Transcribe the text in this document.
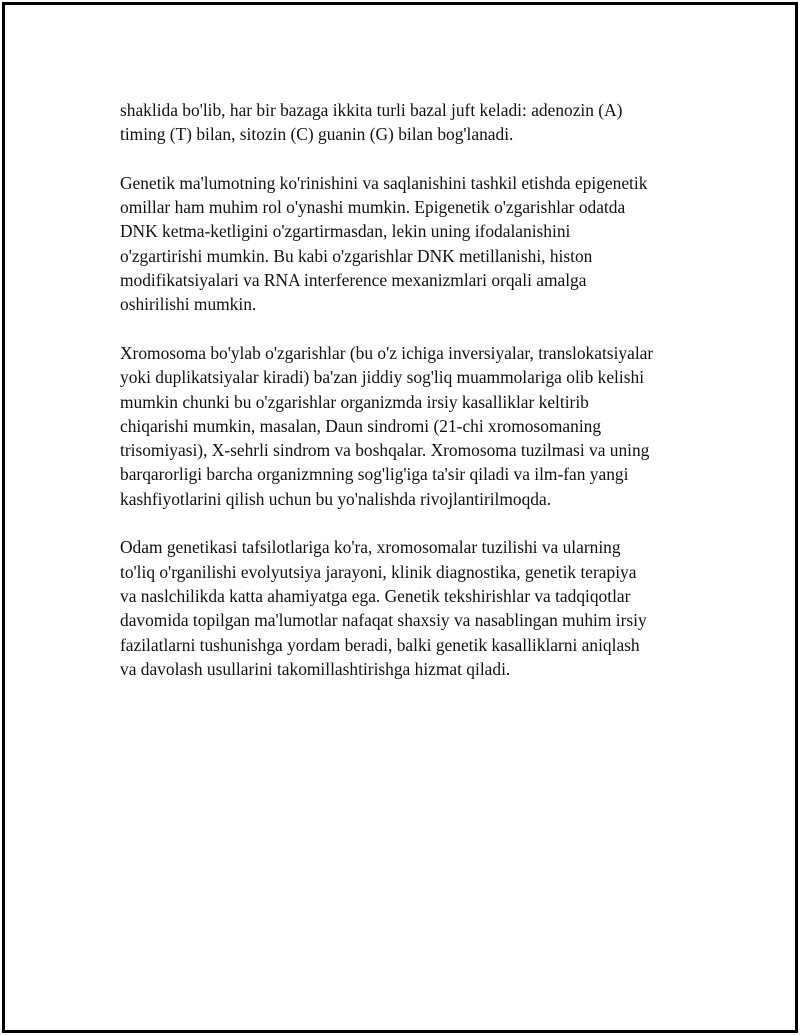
shaklida bo'lib, har bir bazaga ikkita turli bazal juft keladi: adenozin (A)
timing (T) bilan, sitozin (C) guanin (G) bilan bog'lanadi.

Genetik ma'lumotning ko'rinishini va saqlanishini tashkil etishda epigenetik
omillar ham muhim rol o'ynashi mumkin. Epigenetik o'zgarishlar odatda
DNK ketma-ketligini o'zgartirmasdan, lekin uning ifodalanishini
o'zgartirishi mumkin. Bu kabi o'zgarishlar DNK metillanishi, histon
modifikatsiyalari va RNA interference mexanizmlari orqali amalga
oshirilishi mumkin.

Xromosoma bo'ylab o'zgarishlar (bu o'z ichiga inversiyalar, translokatsiyalar
yoki duplikatsiyalar kiradi) ba'zan jiddiy sog'liq muammolariga olib kelishi
mumkin chunki bu o'zgarishlar organizmda irsiy kasalliklar keltirib
chiqarishi mumkin, masalan, Daun sindromi (21-chi xromosomaning
trisomiyasi), X-sehrli sindrom va boshqalar. Xromosoma tuzilmasi va uning
barqarorligi barcha organizmning sog'lig'iga ta'sir qiladi va ilm-fan yangi
kashfiyotlarini qilish uchun bu yo'nalishda rivojlantirilmoqda.

Odam genetikasi tafsilotlariga ko'ra, xromosomalar tuzilishi va ularning
to'liq o'rganilishi evolyutsiya jarayoni, klinik diagnostika, genetik terapiya
va naslchilikda katta ahamiyatga ega. Genetik tekshirishlar va tadqiqotlar
davomida topilgan ma'lumotlar nafaqat shaxsiy va nasablingan muhim irsiy
fazilatlarni tushunishga yordam beradi, balki genetik kasalliklarni aniqlash
va davolash usullarini takomillashtirishga hizmat qiladi.
